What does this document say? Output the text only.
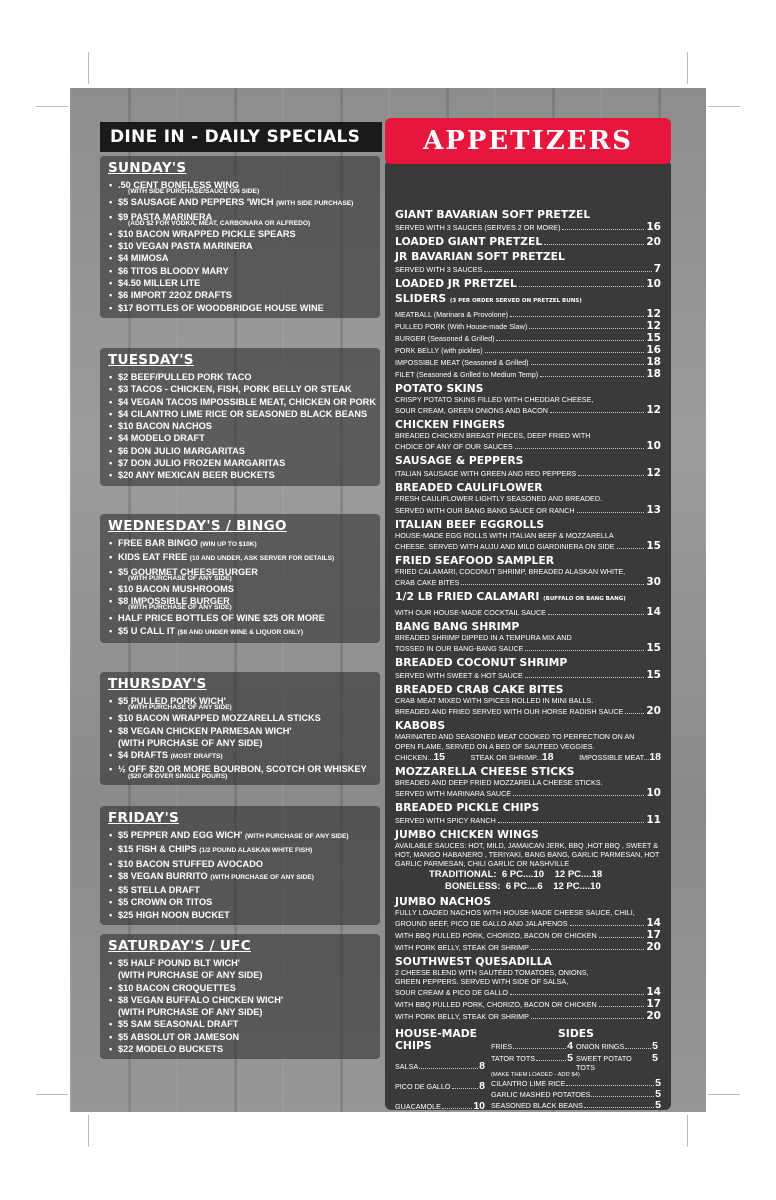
DINE IN - DAILY SPECIALS
SUNDAY'S
• .50 CENT BONELESS WING
(WITH SIDE PURCHASE/SAUCE ON SIDE)
• $5 SAUSAGE AND PEPPERS 'WICH (WITH SIDE PURCHASE)
• $9 PASTA MARINERA
(ADD $2 FOR VODKA, MEAT, CARBONARA OR ALFREDO)
• $10 BACON WRAPPED PICKLE SPEARS
• $10 VEGAN PASTA MARINERA
• $4 MIMOSA
• $6 TITOS BLOODY MARY
• $4.50 MILLER LITE
• $6 IMPORT 22OZ DRAFTS
• $17 BOTTLES OF WOODBRIDGE HOUSE WINE
TUESDAY'S
• $2 BEEF/PULLED PORK TACO
• $3 TACOS - CHICKEN, FISH, PORK BELLY OR STEAK
• $4 VEGAN TACOS IMPOSSIBLE MEAT, CHICKEN OR PORK
• $4 CILANTRO LIME RICE OR SEASONED BLACK BEANS
• $10 BACON NACHOS
• $4 MODELO DRAFT
• $6 DON JULIO MARGARITAS
• $7 DON JULIO FROZEN MARGARITAS
• $20 ANY MEXICAN BEER BUCKETS
WEDNESDAY'S / BINGO
• FREE BAR BINGO (WIN UP TO $10K)
• KIDS EAT FREE (10 AND UNDER, ASK SERVER FOR DETAILS)
• $5 GOURMET CHEESEBURGER
(WITH PURCHASE OF ANY SIDE)
• $10 BACON MUSHROOMS
• $8 IMPOSSIBLE BURGER
(WITH PURCHASE OF ANY SIDE)
• HALF PRICE BOTTLES OF WINE $25 OR MORE
• $5 U CALL IT ($8 AND UNDER WINE & LIQUOR ONLY)
THURSDAY'S
• $5 PULLED PORK WICH'
(WITH PURCHASE OF ANY SIDE)
• $10 BACON WRAPPED MOZZARELLA STICKS
• $8 VEGAN CHICKEN PARMESAN WICH'
(WITH PURCHASE OF ANY SIDE)
• $4 DRAFTS (MOST DRAFTS)
• ½ OFF $20 OR MORE BOURBON, SCOTCH OR WHISKEY
($20 OR OVER SINGLE POURS)
FRIDAY'S
• $5 PEPPER AND EGG WICH' (WITH PURCHASE OF ANY SIDE)
• $15 FISH & CHIPS (1/2 POUND ALASKAN WHITE FISH)
• $10 BACON STUFFED AVOCADO
• $8 VEGAN BURRITO (WITH PURCHASE OF ANY SIDE)
• $5 STELLA DRAFT
• $5 CROWN OR TITOS
• $25 HIGH NOON BUCKET
SATURDAY'S / UFC
• $5 HALF POUND BLT WICH'
(WITH PURCHASE OF ANY SIDE)
• $10 BACON CROQUETTES
• $8 VEGAN BUFFALO CHICKEN WICH'
(WITH PURCHASE OF ANY SIDE)
• $5 SAM SEASONAL DRAFT
• $5 ABSOLUT OR JAMESON
• $22 MODELO BUCKETS
GIANT BAVARIAN SOFT PRETZEL
SERVED WITH 3 SAUCES (SERVES 2 OR MORE)	16
LOADED GIANT PRETZEL	20
JR BAVARIAN SOFT PRETZEL
SERVED WITH 3 SAUCES	7
LOADED JR PRETZEL	10
SLIDERS (3 PER ORDER SERVED ON PRETZEL BUNS)
MEATBALL (Marinara & Provolone)	12
PULLED PORK (With House-made Slaw)	12
BURGER (Seasoned & Grilled)	15
PORK BELLY (with pickles)	16
IMPOSSIBLE MEAT (Seasoned & Grilled)	18
FILET (Seasoned & Grilled to Medium Temp)	18
POTATO SKINS
CRISPY POTATO SKINS FILLED WITH CHEDDAR CHEESE,
SOUR CREAM, GREEN ONIONS AND BACON	12
CHICKEN FINGERS
BREADED CHICKEN BREAST PIECES, DEEP FRIED WITH
CHOICE OF ANY OF OUR SAUCES	10
SAUSAGE & PEPPERS
ITALIAN SAUSAGE WITH GREEN AND RED PEPPERS	12
BREADED CAULIFLOWER
FRESH CAULIFLOWER LIGHTLY SEASONED AND BREADED.
SERVED WITH OUR BANG BANG SAUCE OR RANCH	13
ITALIAN BEEF EGGROLLS
HOUSE-MADE EGG ROLLS WITH ITALIAN BEEF & MOZZARELLA
CHEESE. SERVED WITH AUJU AND MILD GIARDINIERA ON SIDE	15
FRIED SEAFOOD SAMPLER
FRIED CALAMARI, COCONUT SHRIMP, BREADED ALASKAN WHITE,
CRAB CAKE BITES	30
1/2 LB FRIED CALAMARI (BUFFALO OR BANG BANG)
WITH OUR HOUSE-MADE COCKTAIL SAUCE	14
BANG BANG SHRIMP
BREADED SHRIMP DIPPED IN A TEMPURA MIX AND
TOSSED IN OUR BANG-BANG SAUCE	15
BREADED COCONUT SHRIMP
SERVED WITH SWEET & HOT SAUCE	15
BREADED CRAB CAKE BITES
CRAB MEAT MIXED WITH SPICES ROLLED IN MINI BALLS.
BREADED AND FRIED SERVED WITH OUR HORSE RADISH SAUCE 20
KABOBS
MARINATED AND SEASONED MEAT COOKED TO PERFECTION ON AN
OPEN FLAME, SERVED ON A BED OF SAUTEED VEGGIES.
CHICKEN...15	STEAK OR SHRIMP...18	IMPOSSIBLE MEAT...18
MOZZARELLA CHEESE STICKS
BREADED AND DEEP FRIED MOZZARELLA CHEESE STICKS.
SERVED WITH MARINARA SAUCE	10
BREADED PICKLE CHIPS
SERVED WITH SPICY RANCH	11
JUMBO CHICKEN WINGS
AVAILABLE SAUCES: HOT, MILD, JAMAICAN JERK, BBQ ,HOT BBQ , SWEET &
HOT, MANGO HABANERO , TERIYAKI, BANG BANG, GARLIC PARMESAN, HOT
GARLIC PARMESAN, CHILI GARLIC OR NASHVILLE
TRADITIONAL:  6 PC....10    12 PC....18
BONELESS:  6 PC....6    12 PC....10
JUMBO NACHOS
FULLY LOADED NACHOS WITH HOUSE-MADE CHEESE SAUCE, CHILI,
GROUND BEEF, PICO DE GALLO AND JALAPENOS	14
WITH BBQ PULLED PORK, CHORIZO, BACON OR CHICKEN	17
WITH PORK BELLY, STEAK OR SHRIMP	20
SOUTHWEST QUESADILLA
2 CHEESE BLEND WITH SAUTÉED TOMATOES, ONIONS,
GREEN PEPPERS. SERVED WITH SIDE OF SALSA,
SOUR CREAM & PICO DE GALLO	14
WITH BBQ PULLED PORK, CHORIZO, BACON OR CHICKEN	17
WITH PORK BELLY, STEAK OR SHRIMP	20
HOUSE-MADE CHIPS
SALSA	8
PICO DE GALLO	8
GUACAMOLE	10
SIDES
FRIES	4 ONION RINGS	5
TATOR TOTS	5 SWEET POTATO TOTS
5
(MAKE THEM LOADED - ADD $4)
CILANTRO LIME RICE	5
GARLIC MASHED POTATOES	5
SEASONED BLACK BEANS	5
APPETIZERS
